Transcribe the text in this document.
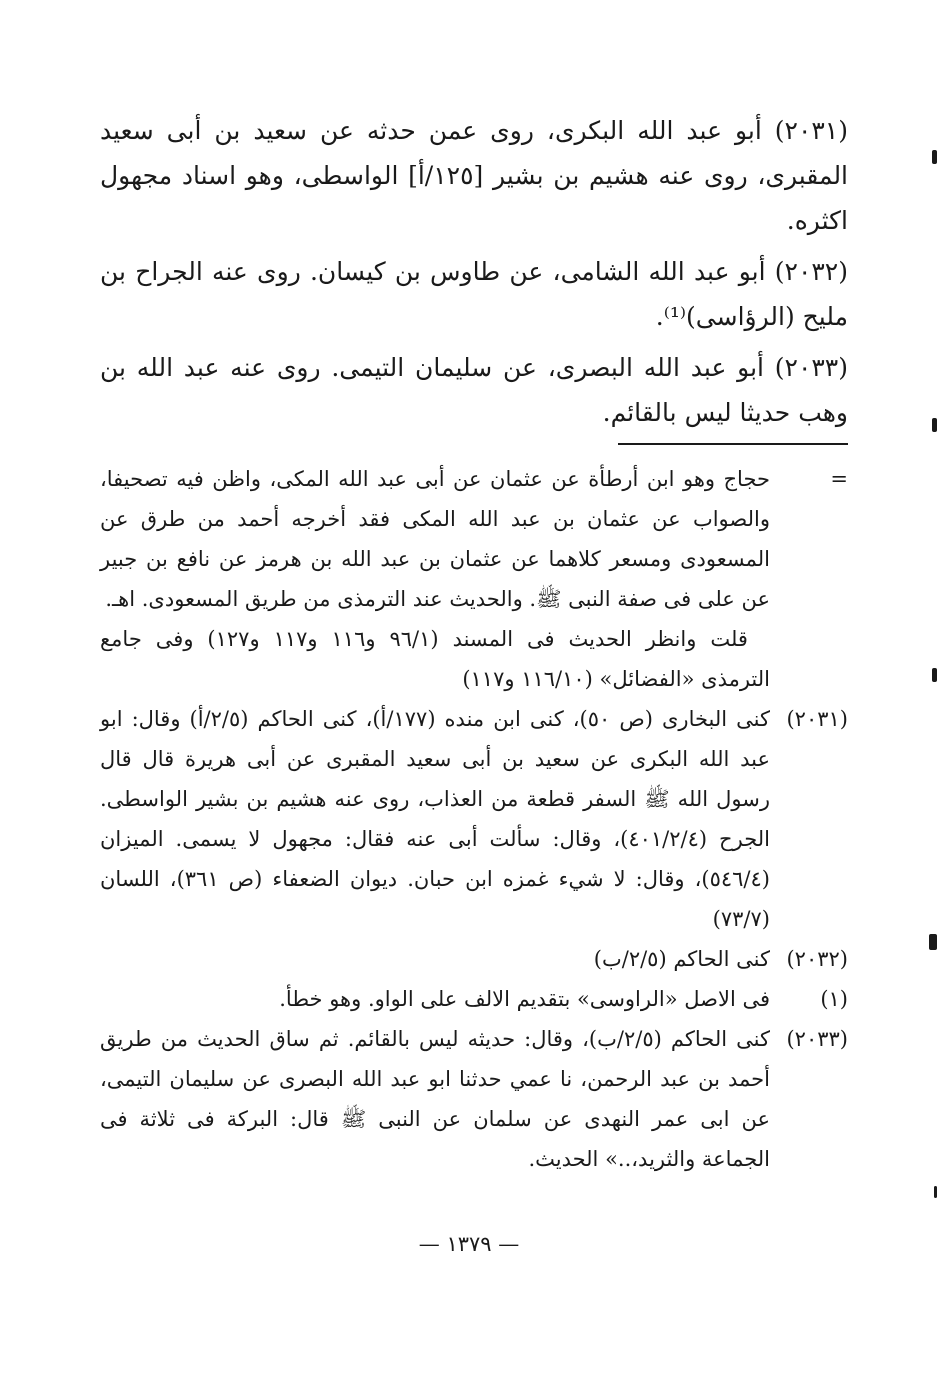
(٢٠٣١) أبو عبد الله البكرى، روى عمن حدثه عن سعيد بن أبى سعيد المقبرى، روى عنه هشيم بن بشير [١٢٥/أ] الواسطى، وهو اسناد مجهول اكثره.

(٢٠٣٢) أبو عبد الله الشامى، عن طاوس بن كيسان. روى عنه الجراح بن مليح (الرؤاسى)⁽¹⁾.

(٢٠٣٣) أبو عبد الله البصرى، عن سليمان التيمى. روى عنه عبد الله بن وهب حديثا ليس بالقائم.

=
حجاج وهو ابن أرطأة عن عثمان عن أبى عبد الله المكى، واظن فيه تصحيفا، والصواب عن عثمان بن عبد الله المكى فقد أخرجه أحمد من طرق عن المسعودى ومسعر كلاهما عن عثمان بن عبد الله بن هرمز عن نافع بن جبير عن على فى صفة النبى ﷺ. والحديث عند الترمذى من طريق المسعودى. اهـ.
قلت وانظر الحديث فى المسند (٩٦/١ و١١٦ و١١٧ و١٢٧) وفى جامع الترمذى «الفضائل» (١١٦/١٠ و١١٧)
(٢٠٣١)
كنى البخارى (ص ٥٠)، كنى ابن منده (١٧٧/أ)، كنى الحاكم (٢/٥/أ) وقال: ابو عبد الله البكرى عن سعيد بن أبى سعيد المقبرى عن أبى هريرة قال قال رسول الله ﷺ السفر قطعة من العذاب، روى عنه هشيم بن بشير الواسطى. الجرح (٤٠١/٢/٤)، وقال: سألت أبى عنه فقال: مجهول لا يسمى. الميزان (٥٤٦/٤)، وقال: لا شيء غمزه ابن حبان. ديوان الضعفاء (ص ٣٦١)، اللسان (٧٣/٧)
(٢٠٣٢)
كنى الحاكم (٢/٥/ب)
(١)
فى الاصل «الراوسى» بتقديم الالف على الواو. وهو خطأ.
(٢٠٣٣)
كنى الحاكم (٢/٥/ب)، وقال: حديثه ليس بالقائم. ثم ساق الحديث من طريق أحمد بن عبد الرحمن، نا عمي حدثنا ابو عبد الله البصرى عن سليمان التيمى، عن ابى عمر النهدى عن سلمان عن النبى ﷺ قال: البركة فى ثلاثة فى الجماعة والثريد،..» الحديث.
— ١٣٧٩ —
